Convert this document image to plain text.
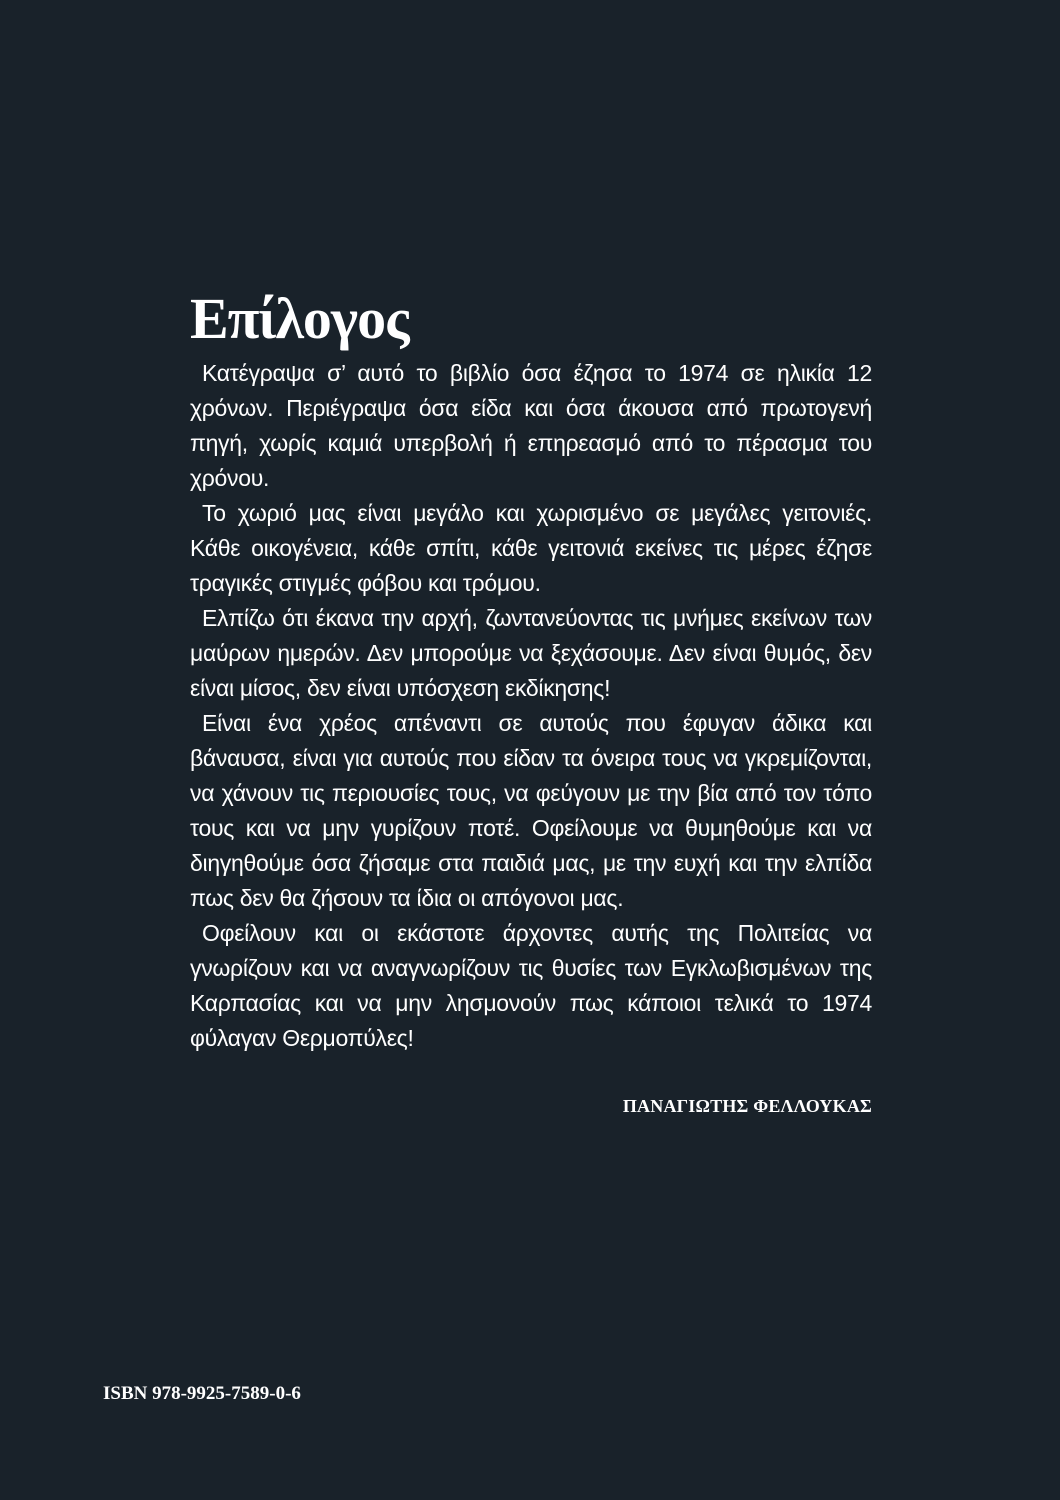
Επίλογος

Κατέγραψα σ’ αυτό το βιβλίο όσα έζησα το 1974 σε ηλικία 12 χρόνων. Περιέγραψα όσα είδα και όσα άκουσα από πρωτογενή πηγή, χωρίς καμιά υπερβολή ή επηρεασμό από το πέρασμα του χρόνου.

Το χωριό μας είναι μεγάλο και χωρισμένο σε μεγάλες γειτονιές. Κάθε οικογένεια, κάθε σπίτι, κάθε γειτονιά εκείνες τις μέρες έζησε τραγικές στιγμές φόβου και τρόμου.

Ελπίζω ότι έκανα την αρχή, ζωντανεύοντας τις μνήμες εκείνων των μαύρων ημερών. Δεν μπορούμε να ξεχάσουμε. Δεν είναι θυμός, δεν είναι μίσος, δεν είναι υπόσχεση εκδίκησης!

Είναι ένα χρέος απέναντι σε αυτούς που έφυγαν άδικα και βάναυσα, είναι για αυτούς που είδαν τα όνειρα τους να γκρεμίζονται, να χάνουν τις περιουσίες τους, να φεύγουν με την βία από τον τόπο τους και να μην γυρίζουν ποτέ. Οφείλουμε να θυμηθούμε και να διηγηθούμε όσα ζήσαμε στα παιδιά μας, με την ευχή και την ελπίδα πως δεν θα ζήσουν τα ίδια οι απόγονοι μας.

Οφείλουν και οι εκάστοτε άρχοντες αυτής της Πολιτείας να γνωρίζουν και να αναγνωρίζουν τις θυσίες των Εγκλωβισμένων της Καρπασίας και να μην λησμονούν πως κάποιοι τελικά το 1974 φύλαγαν Θερμοπύλες!

ΠΑΝΑΓΙΩΤΗΣ ΦΕΛΛΟΥΚΑΣ
ISBN 978-9925-7589-0-6
